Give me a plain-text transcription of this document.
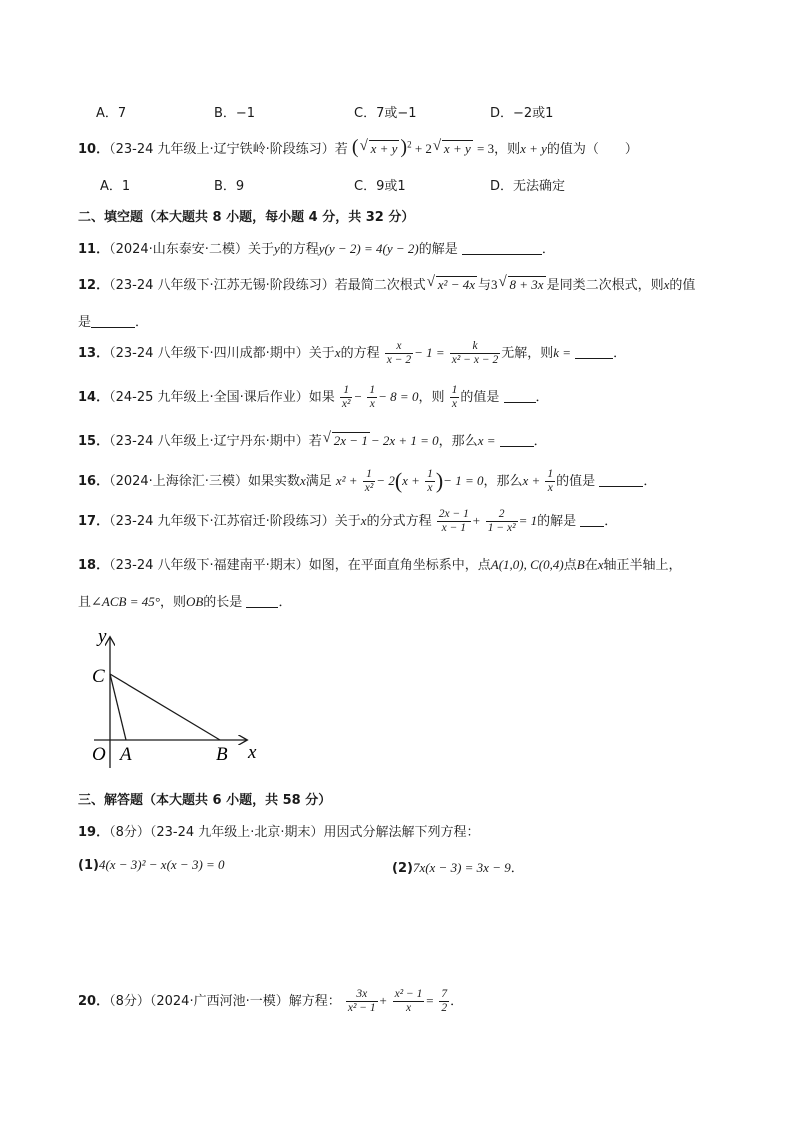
A．7	B．−1	C．7或−1	D．−2或1
10．（23-24 九年级上·辽宁铁岭·阶段练习）若 ( √ x + y )$^2$ + 2 √ x + y = 3，则x + y的值为（　　）
A．1	B．9	C．9或1	D．无法确定
二、填空题（本大题共 8 小题，每小题 4 分，共 32 分）
11．（2024·山东泰安·二模）关于y的方程y(y − 2) = 4(y − 2)的解是	．
12．（23-24 八年级下·江苏无锡·阶段练习）若最简二次根式 √ x² − 4x 与3 √ 8 + 3x 是同类二次根式，则x的值
是	．
13．（23-24 八年级下·四川成都·期中）关于x的方程 $\frac{x}{x - 2} - 1 = \frac{k}{\text{x² − x − 2}}$ 无解，则k =	．
14．（24-25 九年级上·全国·课后作业）如果 $\frac{1}{\text{x²}} - \frac{1}{x} - 8 = 0$，则 $\frac{1}{x}$ 的值是	．
15．（23-24 八年级上·辽宁丹东·期中）若 √ 2x − 1 − 2x + 1 = 0，那么x =	．
16．（2024·上海徐汇·三模）如果实数x满足 $x^2 + \frac{1}{\text{x²}} - 2(x + \frac{1}{x}$ )− 1 = 0，那么$x + \frac{1}{x}$ 的值是	．
17．（23-24 九年级下·江苏宿迁·阶段练习）关于x的分式方程 $\frac{2x - 1}{x - 1} + \frac{2}{\text{1 − x²}} = 1$的解是 ．
18．（23-24 八年级下·福建南平·期末）如图，在平面直角坐标系中，点A(1,0), C(0,4)点B在x轴正半轴上，
且∠ACB = 45°，则OB的长是	．
y
x
O A	B
C
三、解答题（本大题共 6 小题，共 58 分）
19．（8分）（23-24 九年级上·北京·期末）用因式分解法解下列方程：
(1)4(x − 3)² − x(x − 3) = 0	(2)7x(x − 3) = 3x − 9．
20．（8分）（2024·广西河池·一模）解方程： $\frac{3x}{\text{x² − 1}} + \frac{\text{x² − 1}}{x} = \frac{7}{2}$ ．
